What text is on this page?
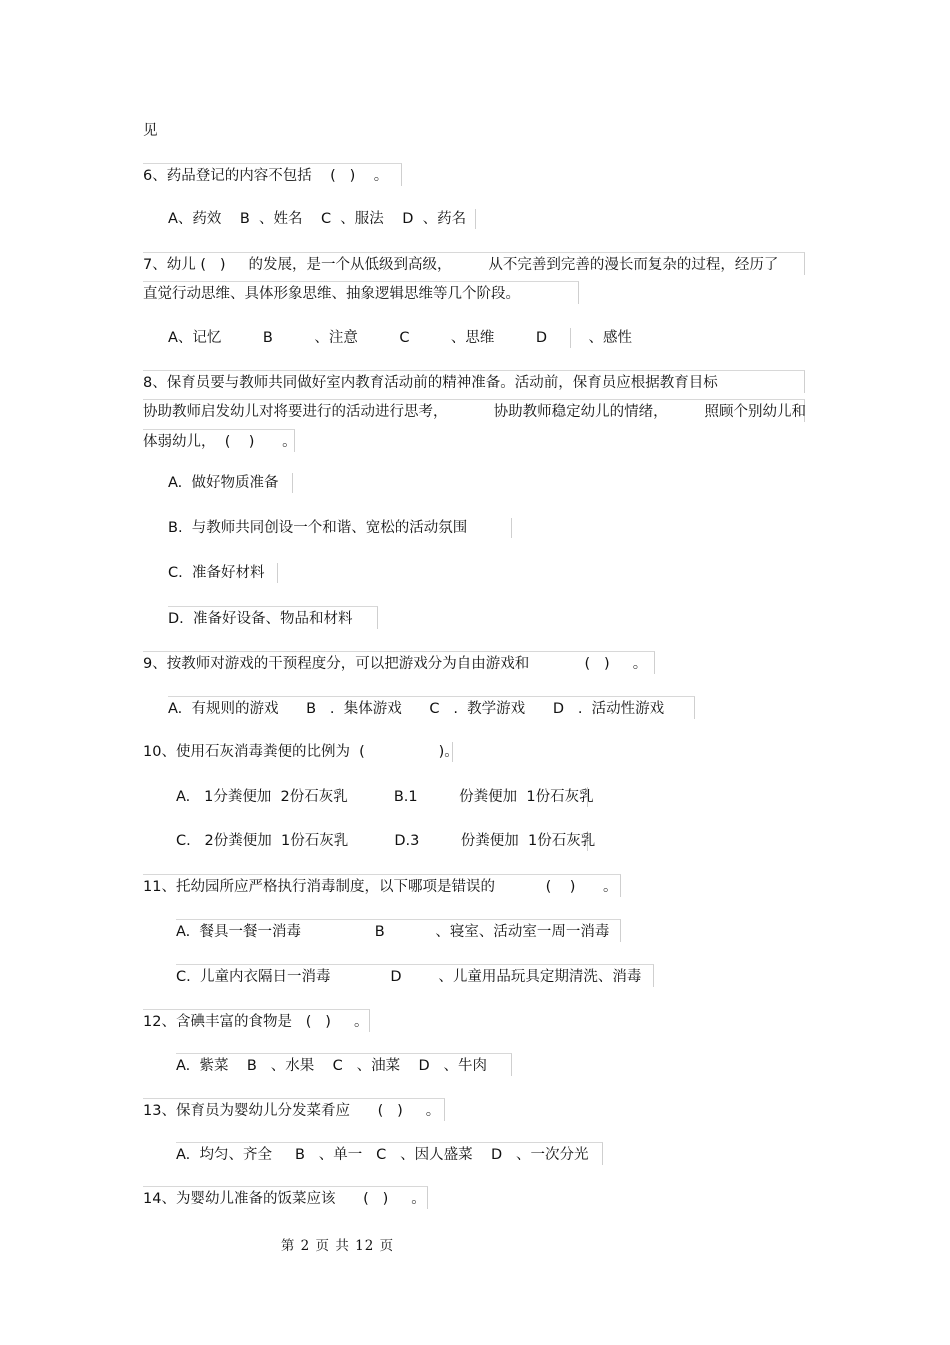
见
6、药品登记的内容不包括    (   )    。
A、药效    B  、姓名    C  、服法    D  、药名
7、幼儿 (   )     的发展，是一个从低级到高级，        从不完善到完善的漫长而复杂的过程，经历了
直觉行动思维、具体形象思维、抽象逻辑思维等几个阶段。
A、记忆         B         、注意         C         、思维         D         、感性
8、保育员要与教师共同做好室内教育活动前的精神准备。活动前，保育员应根据教育目标
协助教师启发幼儿对将要进行的活动进行思考，          协助教师稳定幼儿的情绪，        照顾个别幼儿和
体弱幼儿，  (    )      。
A.  做好物质准备
B.  与教师共同创设一个和谐、宽松的活动氛围
C.  准备好材料
D.  准备好设备、物品和材料
9、按教师对游戏的干预程度分，可以把游戏分为自由游戏和            (   )     。
A.  有规则的游戏      B   .  集体游戏      C   .  教学游戏      D   .  活动性游戏
10、使用石灰消毒粪便的比例为  (                )。
A.   1分粪便加  2份石灰乳          B.1         份粪便加  1份石灰乳
C.   2份粪便加  1份石灰乳          D.3         份粪便加  1份石灰乳
11、托幼园所应严格执行消毒制度，以下哪项是错误的           (    )      。
A.  餐具一餐一消毒                B           、寝室、活动室一周一消毒
C.  儿童内衣隔日一消毒             D        、儿童用品玩具定期清洗、消毒
12、含碘丰富的食物是   (   )     。
A.  紫菜    B   、水果    C   、油菜    D   、牛肉
13、保育员为婴幼儿分发菜肴应      (   )     。
A.  均匀、齐全     B   、单一   C   、因人盛菜    D   、一次分光
14、为婴幼儿准备的饭菜应该      (   )     。
第 2 页 共 12 页
